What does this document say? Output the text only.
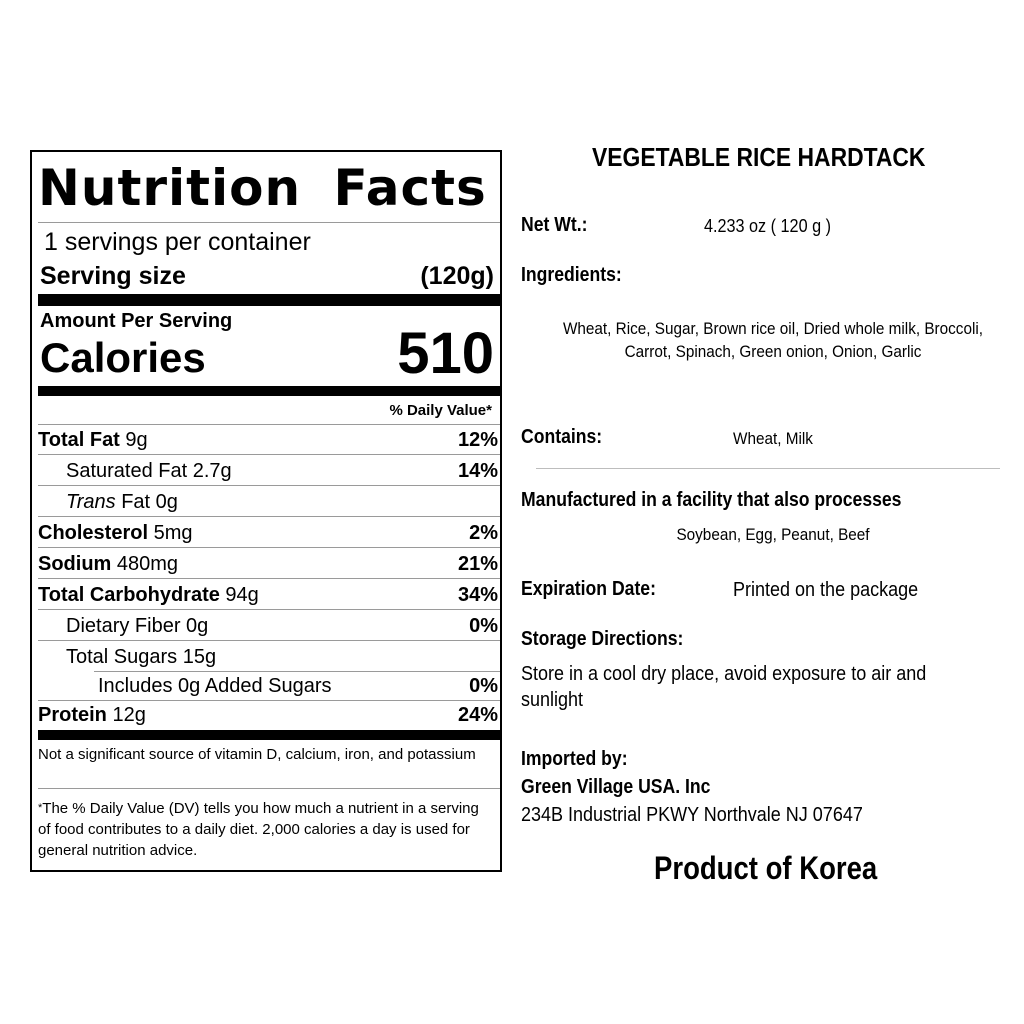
Nutrition Facts
1 servings per container
Serving size	(120g)
Amount Per Serving
Calories	510
% Daily Value*
Total Fat 9g	12%
Saturated Fat 2.7g	14%
Trans Fat 0g
Cholesterol 5mg	2%
Sodium 480mg	21%
Total Carbohydrate 94g	34%
Dietary Fiber 0g	0%
Total Sugars 15g
Includes 0g Added Sugars	0%
Protein 12g	24%
Not a significant source of vitamin D, calcium, iron, and potassium
*The % Daily Value (DV) tells you how much a nutrient in a serving of food contributes to a daily diet. 2,000 calories a day is used for general nutrition advice.
VEGETABLE RICE HARDTACK
Net Wt.:	4.233 oz ( 120 g )
Ingredients:
Wheat, Rice, Sugar, Brown rice oil, Dried whole milk, Broccoli,
Carrot, Spinach, Green onion, Onion, Garlic
Contains:	Wheat, Milk
Manufactured in a facility that also processes
Soybean, Egg, Peanut, Beef
Expiration Date:	Printed on the package
Storage Directions:
Store in a cool dry place, avoid exposure to air and
sunlight
Imported by:
Green Village USA. Inc
234B Industrial PKWY Northvale NJ 07647
Product of Korea
